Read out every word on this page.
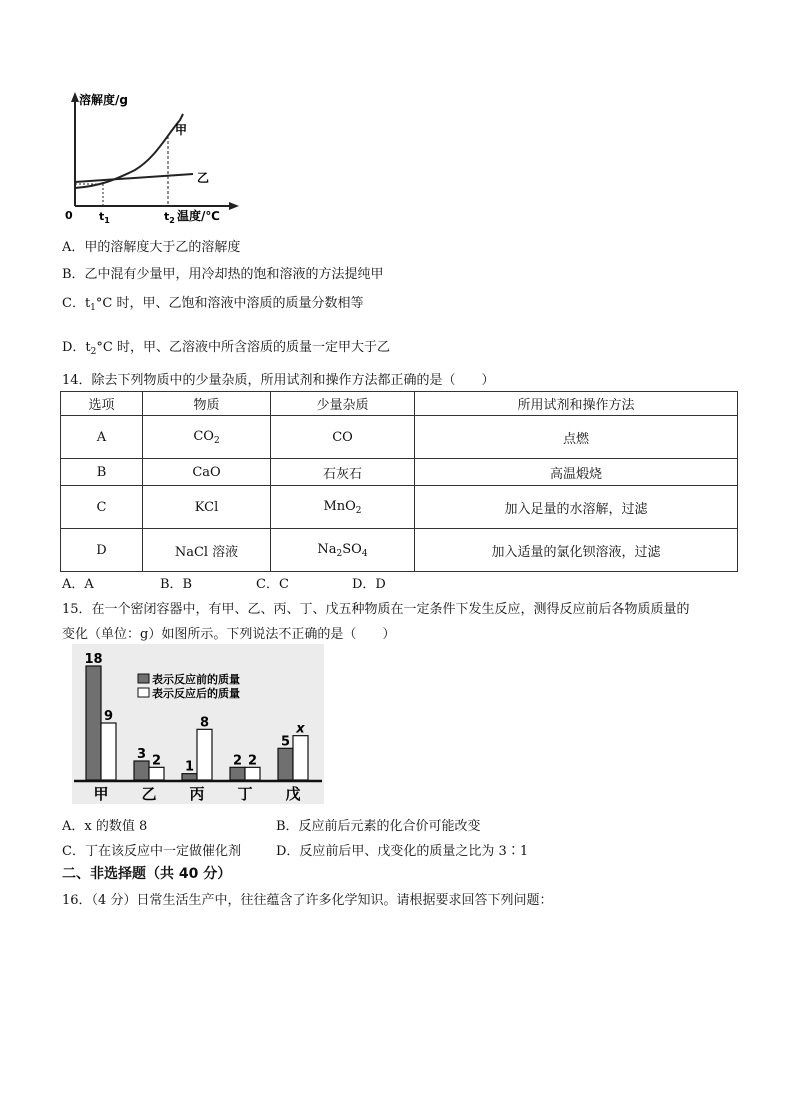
溶解度/g
0 $t_1$	$t_2$ 温度/℃
甲
乙
A．甲的溶解度大于乙的溶解度
B．乙中混有少量甲，用冷却热的饱和溶液的方法提纯甲
C．$t_1^\circ C$ 时，甲、乙饱和溶液中溶质的质量分数相等
D．$t_2^\circ C$ 时，甲、乙溶液中所含溶质的质量一定甲大于乙
14．除去下列物质中的少量杂质，所用试剂和操作方法都正确的是（　　）
选项	物质	少量杂质	所用试剂和操作方法
A	$CO_2$	CO	点燃
B	CaO	石灰石	高温煅烧
C	KCl	MnO$_2$	加入足量的水溶解，过滤
D	NaCl 溶液	$Na_2SO_4$	加入适量的氯化钡溶液，过滤
A．A	B．B	C．C	D．D
15．在一个密闭容器中，有甲、乙、丙、丁、戊五种物质在一定条件下发生反应，测得反应前后各物质质量的
变化（单位：g）如图所示。下列说法不正确的是（　　）
18
9
甲
3 2
乙
1
8
丙
2 2
丁
5
x
戊
表示反应前的质量
表示反应后的质量
A．x 的数值 8	B．反应前后元素的化合价可能改变
C．丁在该反应中一定做催化剂	D．反应前后甲、戊变化的质量之比为 3∶1
二、非选择题（共 40 分）
16．（4 分）日常生活生产中，往往蕴含了许多化学知识。请根据要求回答下列问题：
